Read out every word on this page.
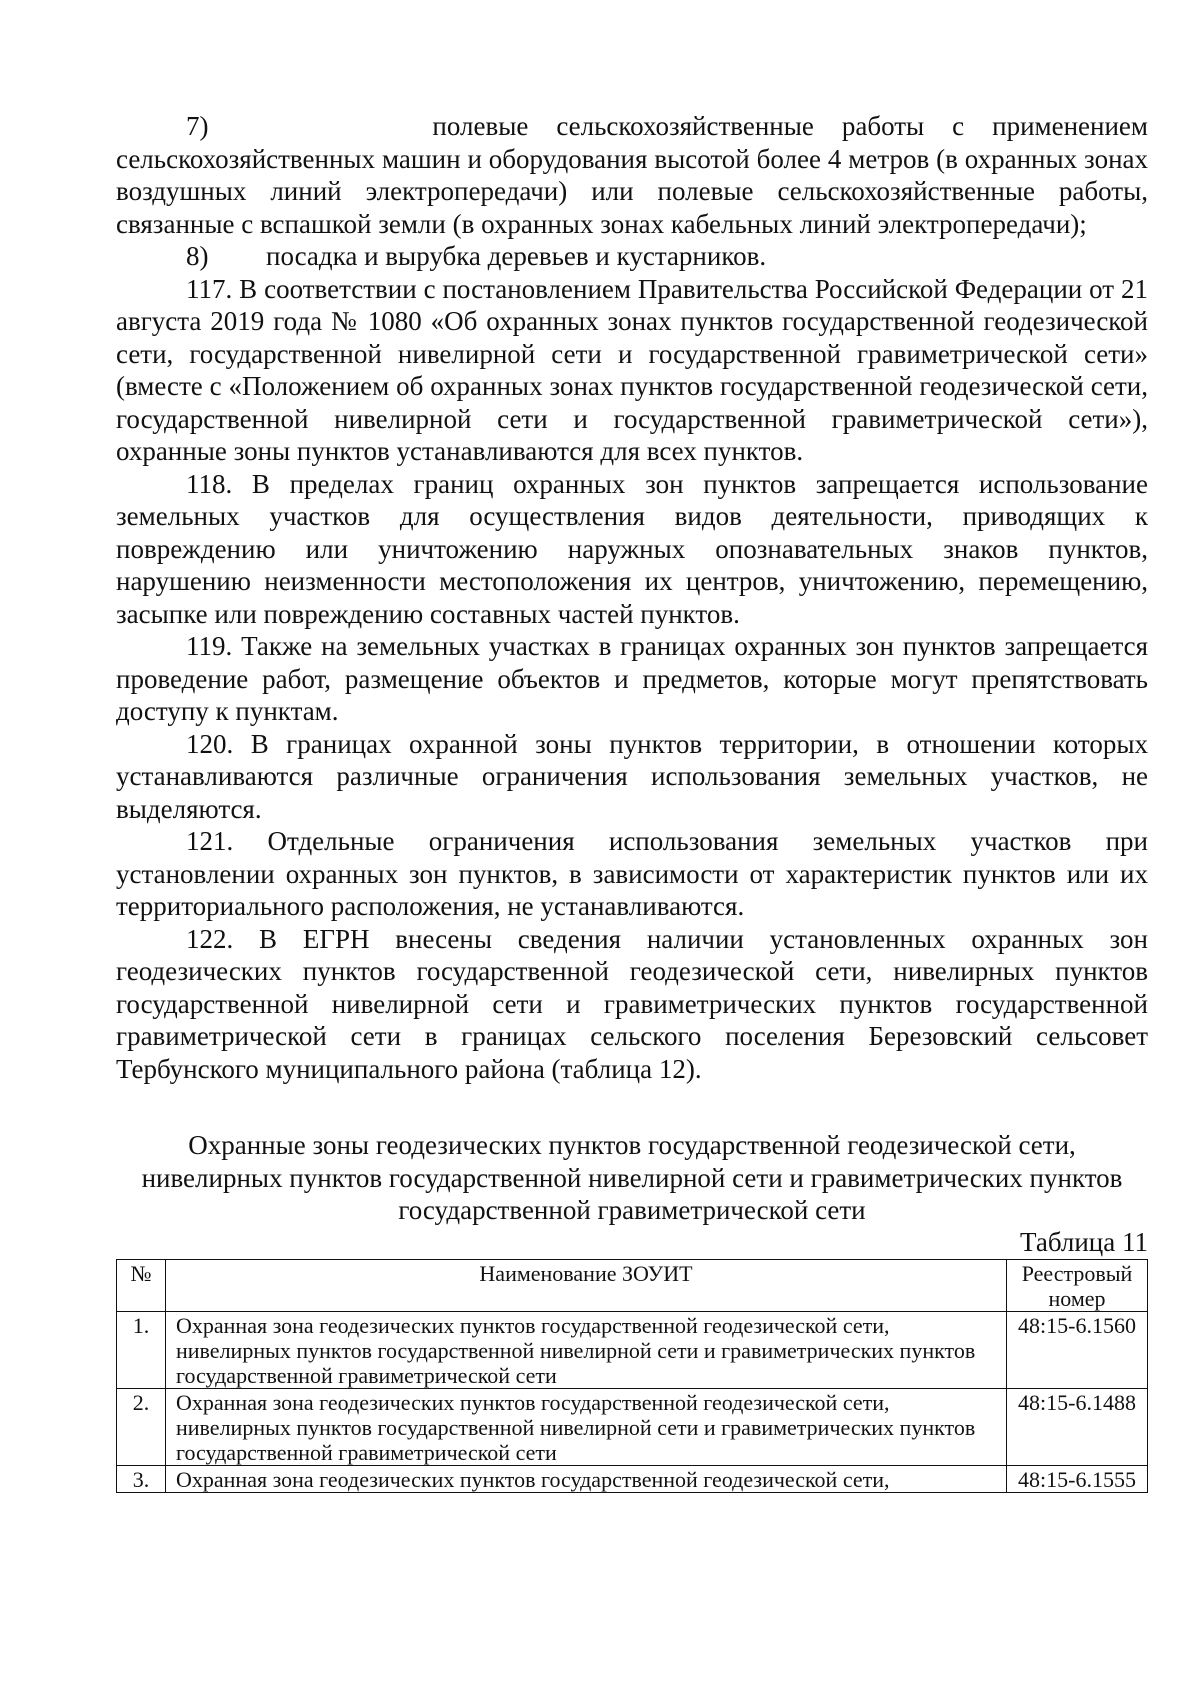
7)	полевые сельскохозяйственные работы с применением сельскохозяйственных машин и оборудования высотой более 4 метров (в охранных зонах воздушных линий электропередачи) или полевые сельскохозяйственные работы, связанные с вспашкой земли (в охранных зонах кабельных линий электропередачи);

8)	посадка и вырубка деревьев и кустарников.

117. В соответствии с постановлением Правительства Российской Федерации от 21 августа 2019 года № 1080 «Об охранных зонах пунктов государственной геодезической сети, государственной нивелирной сети и государственной гравиметрической сети» (вместе с «Положением об охранных зонах пунктов государственной геодезической сети, государственной нивелирной сети и государственной гравиметрической сети»), охранные зоны пунктов устанавливаются для всех пунктов.

118. В пределах границ охранных зон пунктов запрещается использование земельных участков для осуществления видов деятельности, приводящих к повреждению или уничтожению наружных опознавательных знаков пунктов, нарушению неизменности местоположения их центров, уничтожению, перемещению, засыпке или повреждению составных частей пунктов.

119. Также на земельных участках в границах охранных зон пунктов запрещается проведение работ, размещение объектов и предметов, которые могут препятствовать доступу к пунктам.

120. В границах охранной зоны пунктов территории, в отношении которых устанавливаются различные ограничения использования земельных участков, не выделяются.

121. Отдельные ограничения использования земельных участков при установлении охранных зон пунктов, в зависимости от характеристик пунктов или их территориального расположения, не устанавливаются.

122. В ЕГРН внесены сведения наличии установленных охранных зон геодезических пунктов государственной геодезической сети, нивелирных пунктов государственной нивелирной сети и гравиметрических пунктов государственной гравиметрической сети в границах сельского поселения Березовский сельсовет Тербунского муниципального района (таблица 12).

Охранные зоны геодезических пунктов государственной геодезической сети,
нивелирных пунктов государственной нивелирной сети и гравиметрических пунктов
государственной гравиметрической сети

Таблица 11

№	Наименование ЗОУИТ	Реестровый номер
1.	Охранная зона геодезических пунктов государственной геодезической сети, нивелирных пунктов государственной нивелирной сети и гравиметрических пунктов государственной гравиметрической сети	48:15-6.1560
2.	Охранная зона геодезических пунктов государственной геодезической сети, нивелирных пунктов государственной нивелирной сети и гравиметрических пунктов государственной гравиметрической сети	48:15-6.1488
3.	Охранная зона геодезических пунктов государственной геодезической сети,	48:15-6.1555
